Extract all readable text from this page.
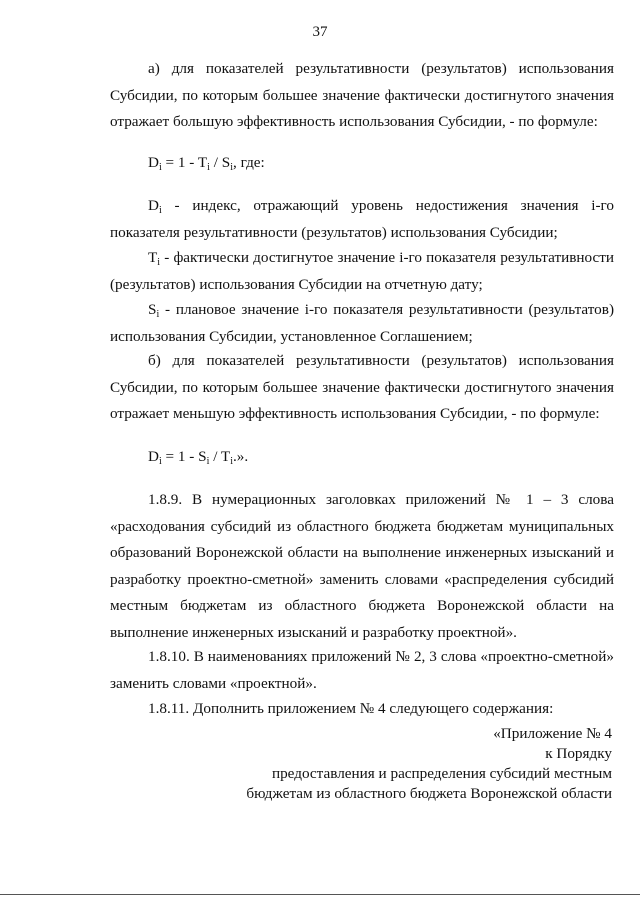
37
а) для показателей результативности (результатов) использования
Субсидии, по которым большее значение фактически достигнутого значения
отражает большую эффективность использования Субсидии, - по формуле:
$D_i = 1 - T_i / S_i$, где:
$D_i$ - индекс, отражающий уровень недостижения значения i-го
показателя результативности (результатов) использования Субсидии;
$T_i$ - фактически достигнутое значение i-го показателя результативности
(результатов) использования Субсидии на отчетную дату;
$S_i$ - плановое значение i-го показателя результативности (результатов)
использования Субсидии, установленное Соглашением;
б) для показателей результативности (результатов) использования
Субсидии, по которым большее значение фактически достигнутого значения
отражает меньшую эффективность использования Субсидии, - по формуле:
$D_i = 1 - S_i / T_i$.».
1.8.9. В нумерационных заголовках приложений № 1 – 3 слова
«расходования субсидий из областного бюджета бюджетам муниципальных
образований Воронежской области на выполнение инженерных изысканий и
разработку проектно-сметной» заменить словами «распределения субсидий
местным бюджетам из областного бюджета Воронежской области на
выполнение инженерных изысканий и разработку проектной».
1.8.10. В наименованиях приложений № 2, 3 слова «проектно-сметной»
заменить словами «проектной».
1.8.11. Дополнить приложением № 4 следующего содержания:
«Приложение № 4
к Порядку
предоставления и распределения субсидий местным
бюджетам из областного бюджета Воронежской области
